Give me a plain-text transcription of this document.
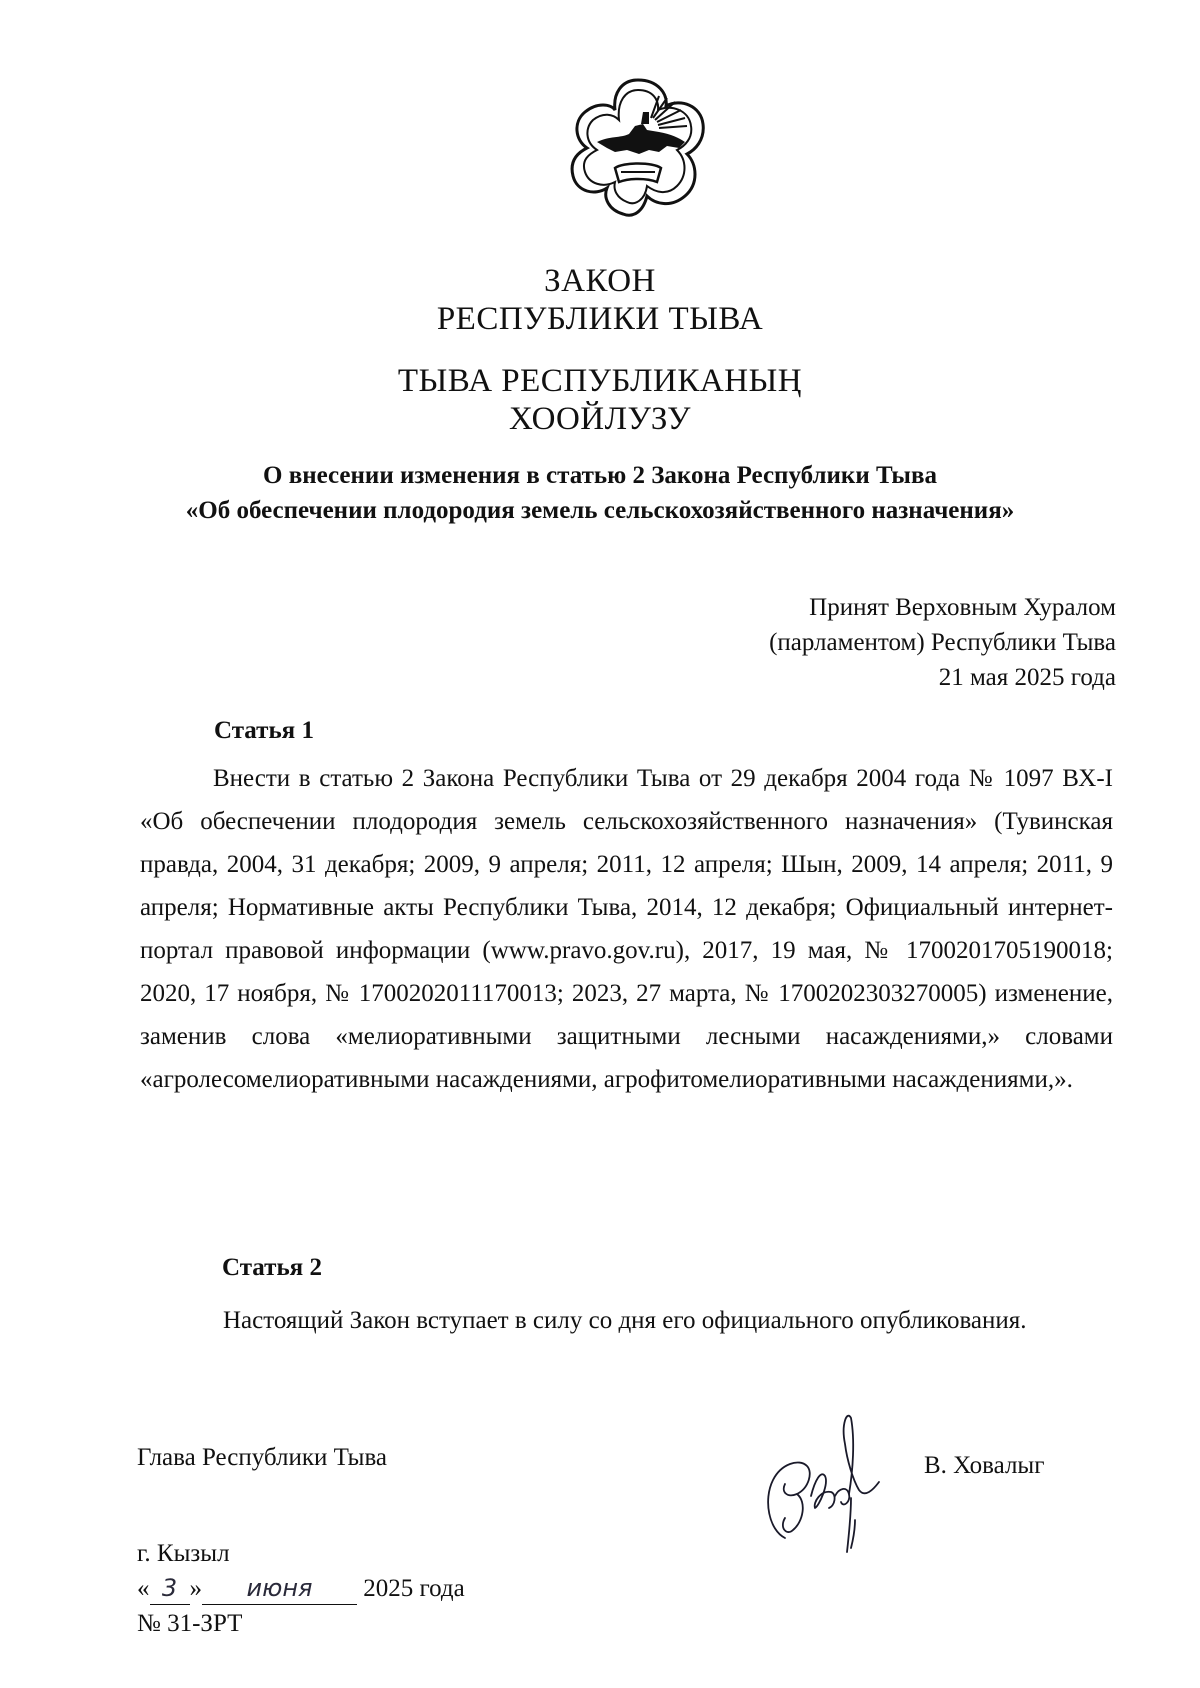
ЗАКОН
РЕСПУБЛИКИ ТЫВА
ТЫВА РЕСПУБЛИКАНЫҢ
ХООЙЛУЗУ
О внесении изменения в статью 2 Закона Республики Тыва
«Об обеспечении плодородия земель сельскохозяйственного назначения»
Принят Верховным Хуралом
(парламентом) Республики Тыва
21 мая 2025 года
Статья 1
Внести в статью 2 Закона Республики Тыва от 29 декабря 2004 года № 1097 ВХ-I «Об обеспечении плодородия земель сельскохозяйственного назначения» (Тувинская правда, 2004, 31 декабря; 2009, 9 апреля; 2011, 12 апреля; Шын, 2009, 14 апреля; 2011, 9 апреля; Нормативные акты Республики Тыва, 2014, 12 декабря; Официальный интернет-портал правовой информации (www.pravo.gov.ru), 2017, 19 мая, № 1700201705190018; 2020, 17 ноября, № 1700202011170013; 2023, 27 марта, № 1700202303270005) изменение, заменив слова «мелиоративными защитными лесными насаждениями,» словами «агролесомелиоративными насаждениями, агрофитомелиоративными насаждениями,».
Статья 2
Настоящий Закон вступает в силу со дня его официального опубликования.
Глава Республики Тыва	В. Ховалыг
г. Кызыл
« 3 » июня 2025 года
№ 31-ЗРТ
